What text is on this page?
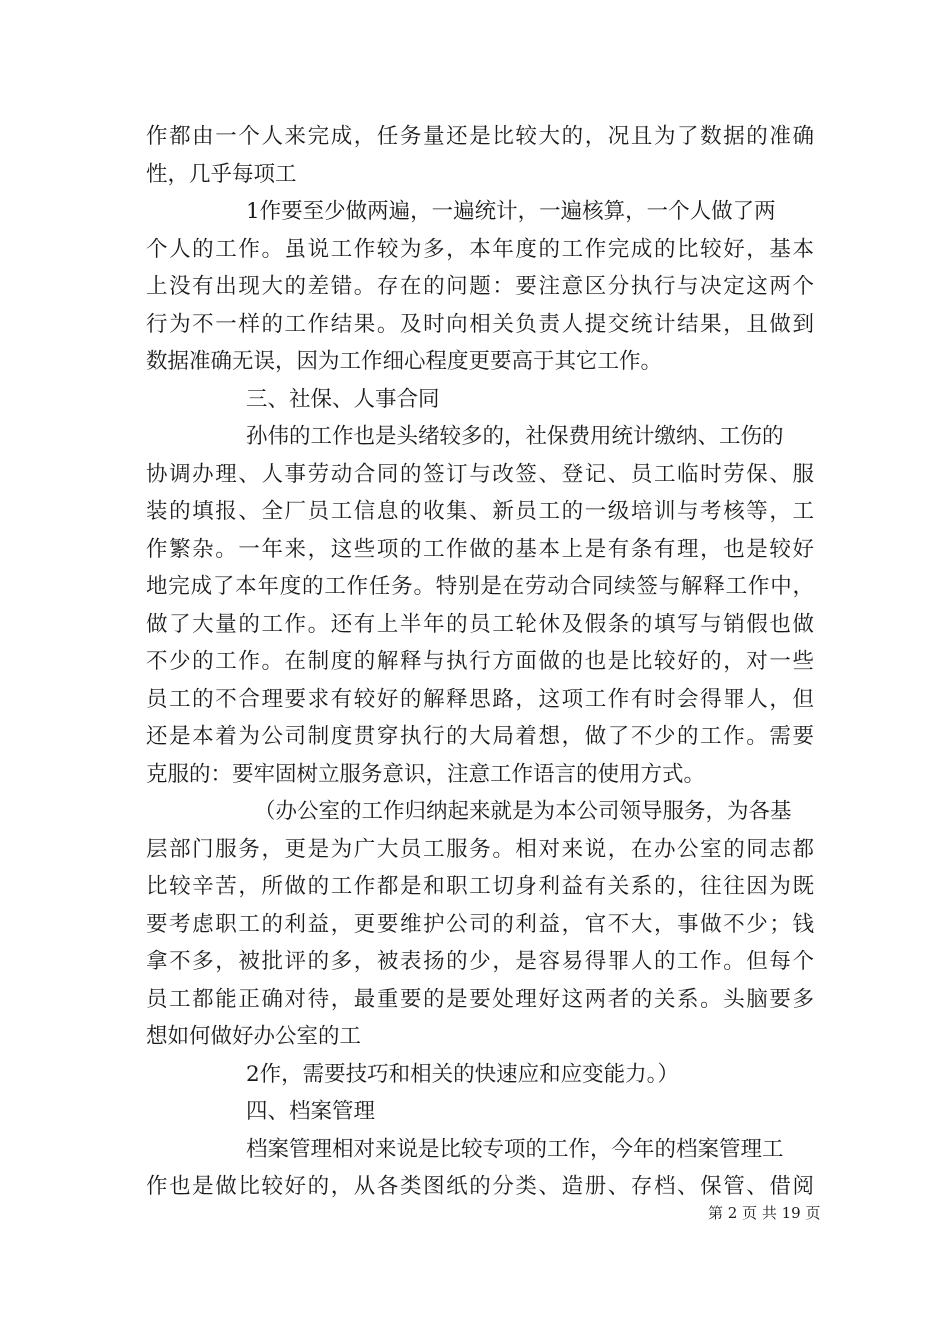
作都由一个人来完成，任务量还是比较大的，况且为了数据的准确
性，几乎每项工
1作要至少做两遍，一遍统计，一遍核算，一个人做了两
个人的工作。虽说工作较为多，本年度的工作完成的比较好，基本
上没有出现大的差错。存在的问题：要注意区分执行与决定这两个
行为不一样的工作结果。及时向相关负责人提交统计结果，且做到
数据准确无误，因为工作细心程度更要高于其它工作。
三、社保、人事合同
孙伟的工作也是头绪较多的，社保费用统计缴纳、工伤的
协调办理、人事劳动合同的签订与改签、登记、员工临时劳保、服
装的填报、全厂员工信息的收集、新员工的一级培训与考核等，工
作繁杂。一年来，这些项的工作做的基本上是有条有理，也是较好
地完成了本年度的工作任务。特别是在劳动合同续签与解释工作中，
做了大量的工作。还有上半年的员工轮休及假条的填写与销假也做
不少的工作。在制度的解释与执行方面做的也是比较好的，对一些
员工的不合理要求有较好的解释思路，这项工作有时会得罪人，但
还是本着为公司制度贯穿执行的大局着想，做了不少的工作。需要
克服的：要牢固树立服务意识，注意工作语言的使用方式。
（办公室的工作归纳起来就是为本公司领导服务，为各基
层部门服务，更是为广大员工服务。相对来说，在办公室的同志都
比较辛苦，所做的工作都是和职工切身利益有关系的，往往因为既
要考虑职工的利益，更要维护公司的利益，官不大，事做不少；钱
拿不多，被批评的多，被表扬的少，是容易得罪人的工作。但每个
员工都能正确对待，最重要的是要处理好这两者的关系。头脑要多
想如何做好办公室的工
2作，需要技巧和相关的快速应和应变能力。）
四、档案管理
档案管理相对来说是比较专项的工作，今年的档案管理工
作也是做比较好的，从各类图纸的分类、造册、存档、保管、借阅
第 2 页 共 19 页
